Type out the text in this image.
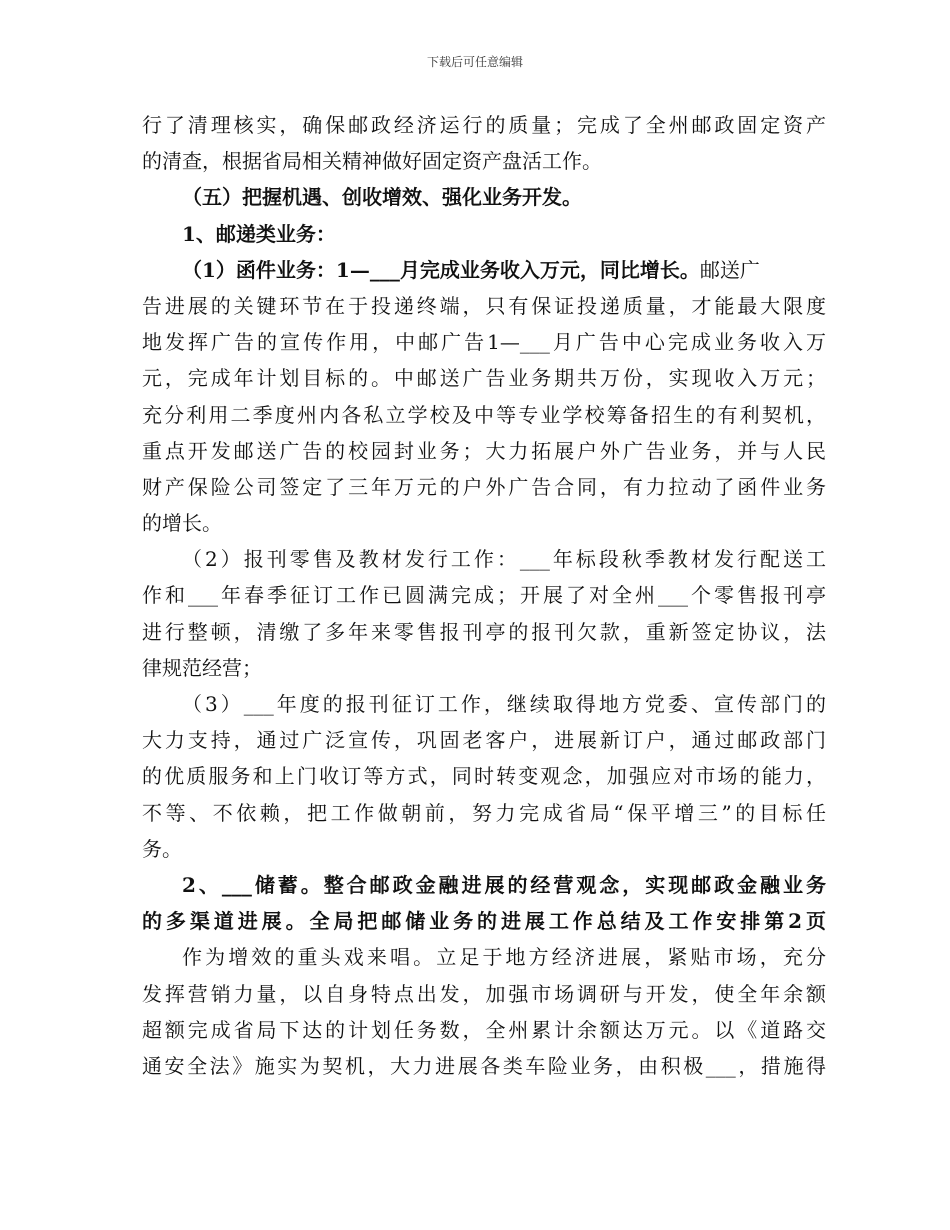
下载后可任意编辑
行了清理核实，确保邮政经济运行的质量；完成了全州邮政固定资产
的清查，根据省局相关精神做好固定资产盘活工作。
（五）把握机遇、创收增效、强化业务开发。
1、邮递类业务：
（1）函件业务：1—___月完成业务收入万元，同比增长。邮送广
告进展的关键环节在于投递终端，只有保证投递质量，才能最大限度
地发挥广告的宣传作用，中邮广告1—___月广告中心完成业务收入万
元，完成年计划目标的。中邮送广告业务期共万份，实现收入万元；
充分利用二季度州内各私立学校及中等专业学校筹备招生的有利契机，
重点开发邮送广告的校园封业务；大力拓展户外广告业务，并与人民
财产保险公司签定了三年万元的户外广告合同，有力拉动了函件业务
的增长。
（2）报刊零售及教材发行工作：___年标段秋季教材发行配送工
作和___年春季征订工作已圆满完成；开展了对全州___个零售报刊亭
进行整顿，清缴了多年来零售报刊亭的报刊欠款，重新签定协议，法
律规范经营；
（3）___年度的报刊征订工作，继续取得地方党委、宣传部门的
大力支持，通过广泛宣传，巩固老客户，进展新订户，通过邮政部门
的优质服务和上门收订等方式，同时转变观念，加强应对市场的能力，
不等、不依赖，把工作做朝前，努力完成省局“保平增三”的目标任
务。
2、___储蓄。整合邮政金融进展的经营观念，实现邮政金融业务
的多渠道进展。全局把邮储业务的进展工作总结及工作安排第2页
作为增效的重头戏来唱。立足于地方经济进展，紧贴市场，充分
发挥营销力量，以自身特点出发，加强市场调研与开发，使全年余额
超额完成省局下达的计划任务数，全州累计余额达万元。以《道路交
通安全法》施实为契机，大力进展各类车险业务，由积极___，措施得
